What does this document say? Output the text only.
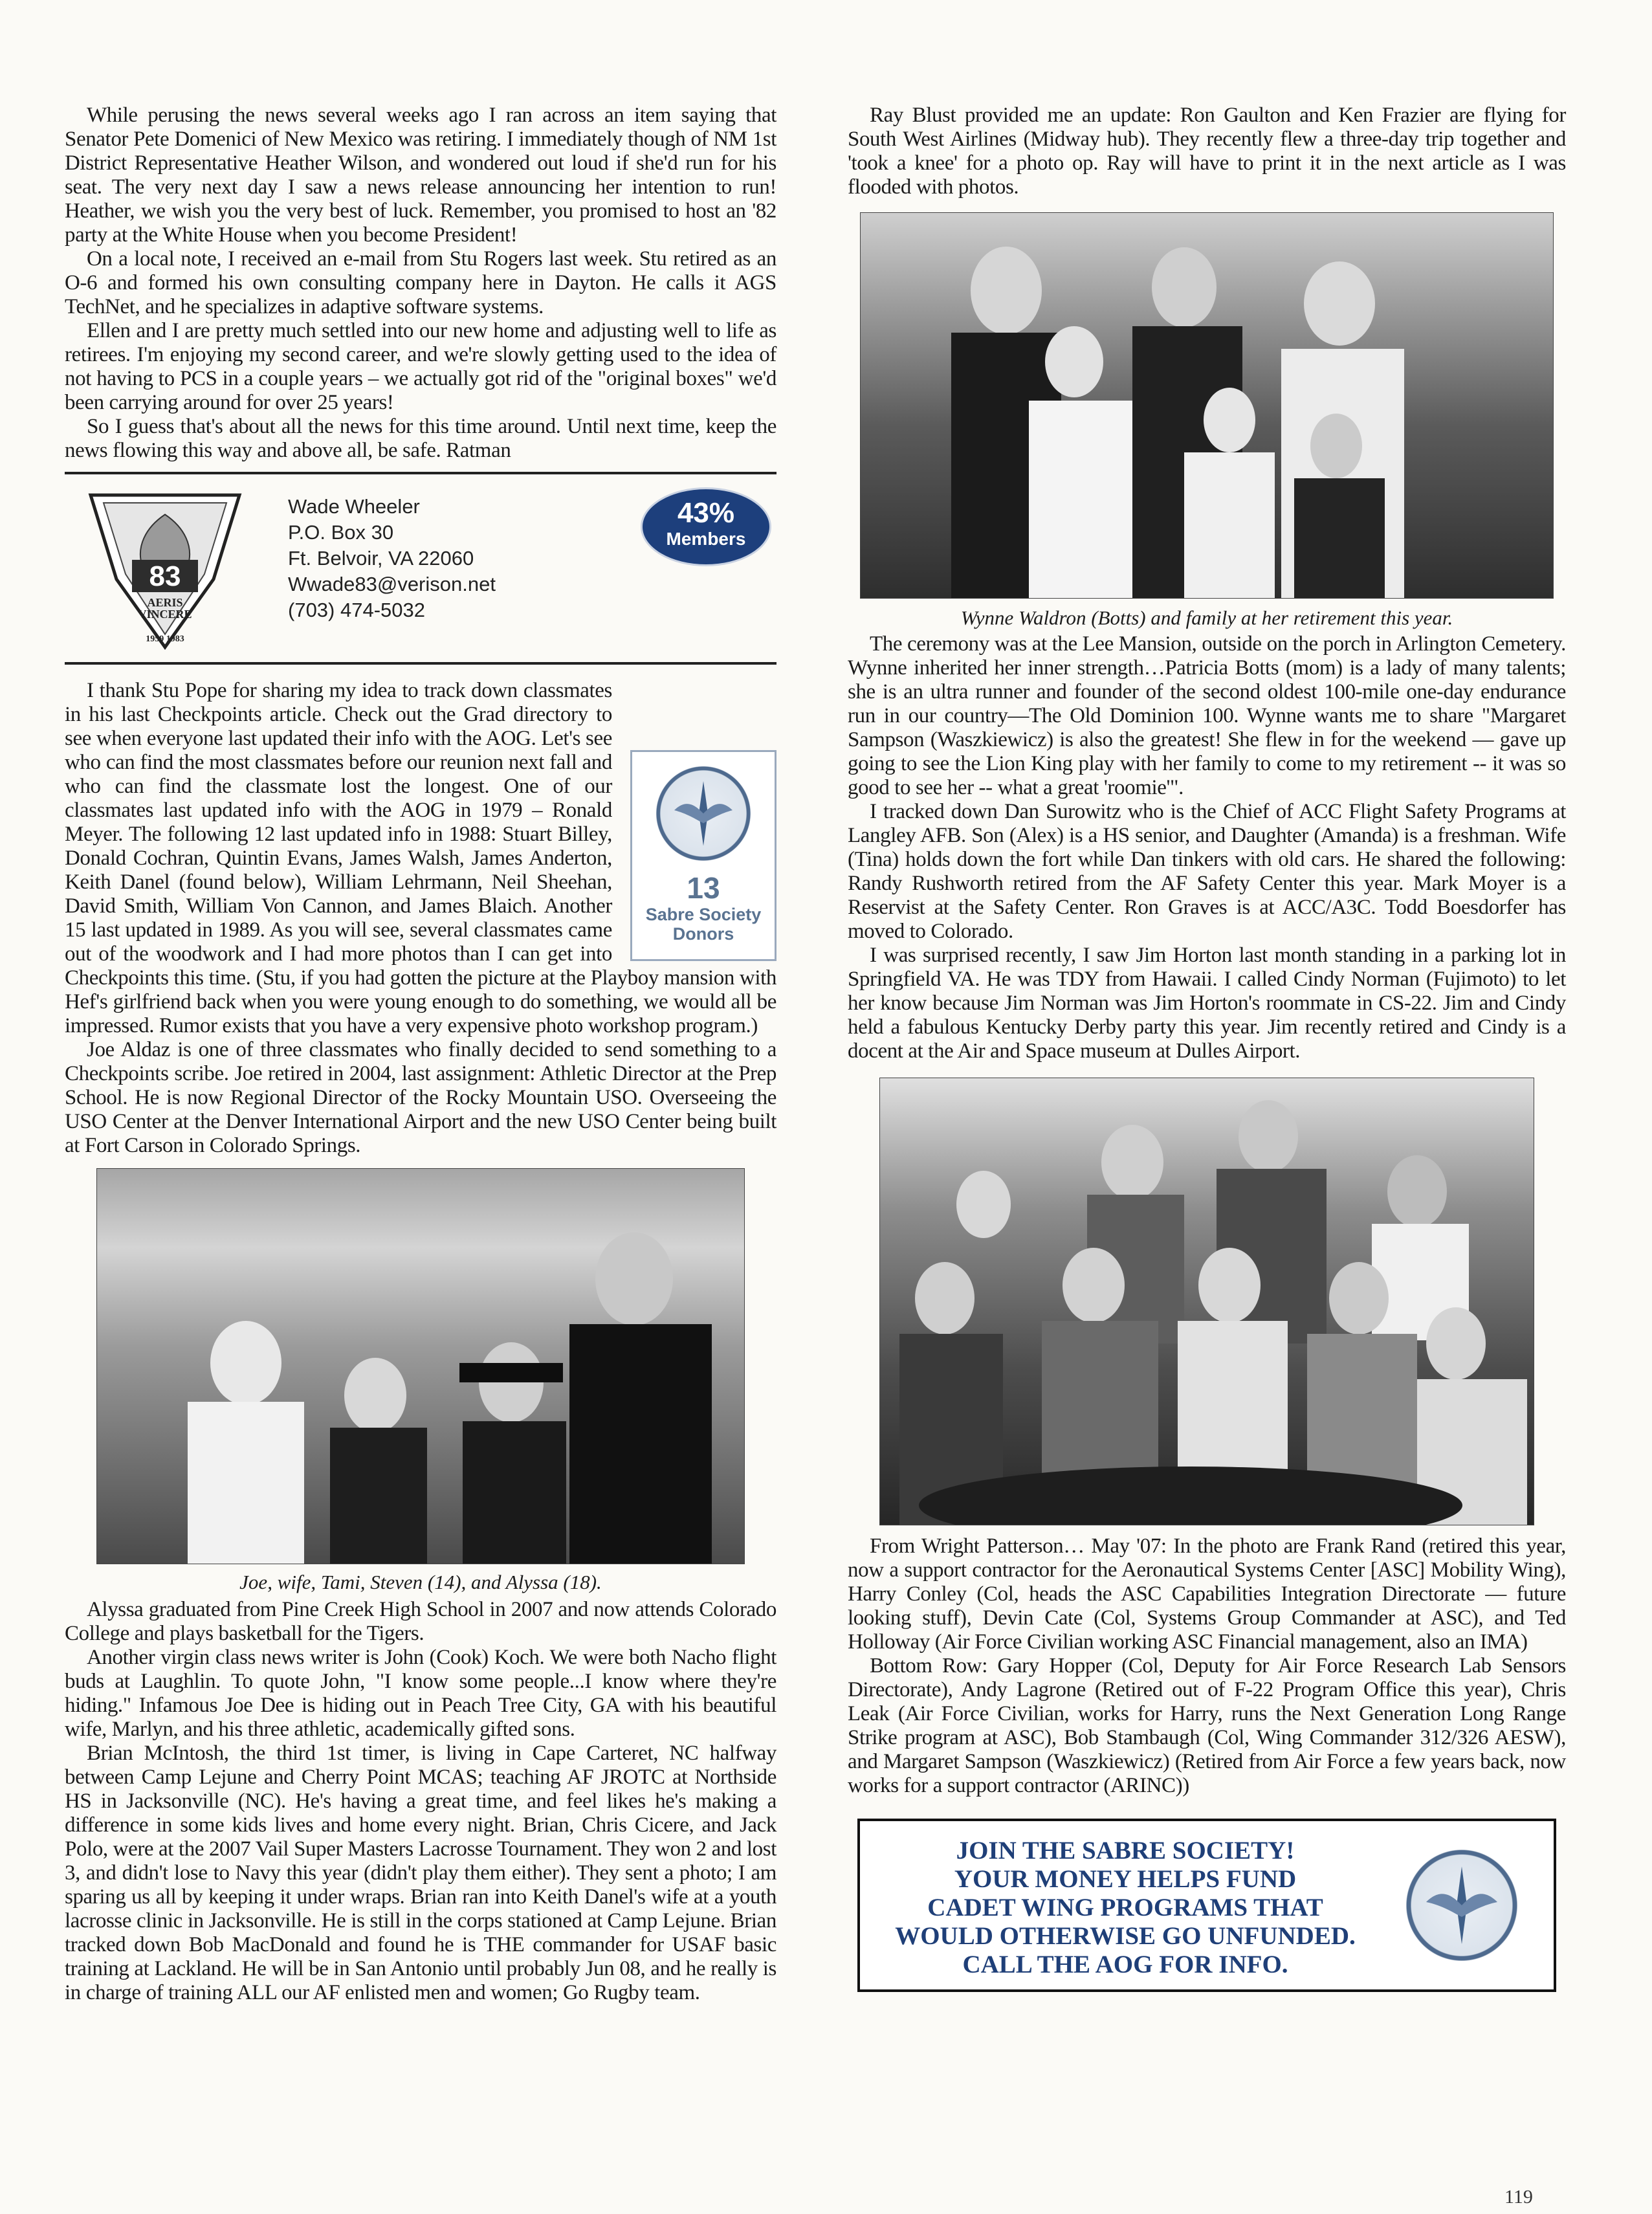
While perusing the news several weeks ago I ran across an item saying that Senator Pete Domenici of New Mexico was retiring. I immediately though of NM 1st District Representative Heather Wilson, and wondered out loud if she'd run for his seat. The very next day I saw a news release announcing her intention to run! Heather, we wish you the very best of luck. Remember, you promised to host an '82 party at the White House when you become President!

On a local note, I received an e-mail from Stu Rogers last week. Stu retired as an O-6 and formed his own consulting company here in Dayton. He calls it AGS TechNet, and he specializes in adaptive software systems.

Ellen and I are pretty much settled into our new home and adjusting well to life as retirees. I'm enjoying my second career, and we're slowly getting used to the idea of not having to PCS in a couple years – we actually got rid of the "original boxes" we'd been carrying around for over 25 years!

So I guess that's about all the news for this time around. Until next time, keep the news flowing this way and above all, be safe. Ratman

83
AERIS
VINCERE
1959 1983
Wade Wheeler
P.O. Box 30
Ft. Belvoir, VA 22060
Wwade83@verison.net
(703) 474-5032
43%
Members
13
Sabre Society
Donors

I thank Stu Pope for sharing my idea to track down classmates in his last Checkpoints article. Check out the Grad directory to see when everyone last updated their info with the AOG. Let's see who can find the most classmates before our reunion next fall and who can find the classmate lost the longest. One of our classmates last updated info with the AOG in 1979 – Ronald Meyer. The following 12 last updated info in 1988: Stuart Billey, Donald Cochran, Quintin Evans, James Walsh, James Anderton, Keith Danel (found below), William Lehrmann, Neil Sheehan, David Smith, William Von Cannon, and James Blaich. Another 15 last updated in 1989. As you will see, several classmates came out of the woodwork and I had more photos than I can get into Checkpoints this time. (Stu, if you had gotten the picture at the Playboy mansion with Hef's girlfriend back when you were young enough to do something, we would all be impressed. Rumor exists that you have a very expensive photo workshop program.)

Joe Aldaz is one of three classmates who finally decided to send something to a Checkpoints scribe. Joe retired in 2004, last assignment: Athletic Director at the Prep School. He is now Regional Director of the Rocky Mountain USO. Overseeing the USO Center at the Denver International Airport and the new USO Center being built at Fort Carson in Colorado Springs.

Joe, wife, Tami, Steven (14), and Alyssa (18).

Alyssa graduated from Pine Creek High School in 2007 and now attends Colorado College and plays basketball for the Tigers.

Another virgin class news writer is John (Cook) Koch. We were both Nacho flight buds at Laughlin. To quote John, "I know some people...I know where they're hiding." Infamous Joe Dee is hiding out in Peach Tree City, GA with his beautiful wife, Marlyn, and his three athletic, academically gifted sons.

Brian McIntosh, the third 1st timer, is living in Cape Carteret, NC halfway between Camp Lejune and Cherry Point MCAS; teaching AF JROTC at Northside HS in Jacksonville (NC). He's having a great time, and feel likes he's making a difference in some kids lives and home every night. Brian, Chris Cicere, and Jack Polo, were at the 2007 Vail Super Masters Lacrosse Tournament. They won 2 and lost 3, and didn't lose to Navy this year (didn't play them either). They sent a photo; I am sparing us all by keeping it under wraps. Brian ran into Keith Danel's wife at a youth lacrosse clinic in Jacksonville. He is still in the corps stationed at Camp Lejune. Brian tracked down Bob MacDonald and found he is THE commander for USAF basic training at Lackland. He will be in San Antonio until probably Jun 08, and he really is in charge of training ALL our AF enlisted men and women; Go Rugby team.

Ray Blust provided me an update: Ron Gaulton and Ken Frazier are flying for South West Airlines (Midway hub). They recently flew a three-day trip together and 'took a knee' for a photo op. Ray will have to print it in the next article as I was flooded with photos.

Wynne Waldron (Botts) and family at her retirement this year.

The ceremony was at the Lee Mansion, outside on the porch in Arlington Cemetery. Wynne inherited her inner strength…Patricia Botts (mom) is a lady of many talents; she is an ultra runner and founder of the second oldest 100-mile one-day endurance run in our country—The Old Dominion 100. Wynne wants me to share "Margaret Sampson (Waszkiewicz) is also the greatest! She flew in for the weekend — gave up going to see the Lion King play with her family to come to my retirement -- it was so good to see her -- what a great 'roomie'".

I tracked down Dan Surowitz who is the Chief of ACC Flight Safety Programs at Langley AFB. Son (Alex) is a HS senior, and Daughter (Amanda) is a freshman. Wife (Tina) holds down the fort while Dan tinkers with old cars. He shared the following: Randy Rushworth retired from the AF Safety Center this year. Mark Moyer is a Reservist at the Safety Center. Ron Graves is at ACC/A3C. Todd Boesdorfer has moved to Colorado.

I was surprised recently, I saw Jim Horton last month standing in a parking lot in Springfield VA. He was TDY from Hawaii. I called Cindy Norman (Fujimoto) to let her know because Jim Norman was Jim Horton's roommate in CS-22. Jim and Cindy held a fabulous Kentucky Derby party this year. Jim recently retired and Cindy is a docent at the Air and Space museum at Dulles Airport.

From Wright Patterson… May '07: In the photo are Frank Rand (retired this year, now a support contractor for the Aeronautical Systems Center [ASC] Mobility Wing), Harry Conley (Col, heads the ASC Capabilities Integration Directorate — future looking stuff), Devin Cate (Col, Systems Group Commander at ASC), and Ted Holloway (Air Force Civilian working ASC Financial management, also an IMA)

Bottom Row: Gary Hopper (Col, Deputy for Air Force Research Lab Sensors Directorate), Andy Lagrone (Retired out of F-22 Program Office this year), Chris Leak (Air Force Civilian, works for Harry, runs the Next Generation Long Range Strike program at ASC), Bob Stambaugh (Col, Wing Commander 312/326 AESW), and Margaret Sampson (Waszkiewicz) (Retired from Air Force a few years back, now works for a support contractor (ARINC))

JOIN THE SABRE SOCIETY!
YOUR MONEY HELPS FUND
CADET WING PROGRAMS THAT
WOULD OTHERWISE GO UNFUNDED.
CALL THE AOG FOR INFO.
119
